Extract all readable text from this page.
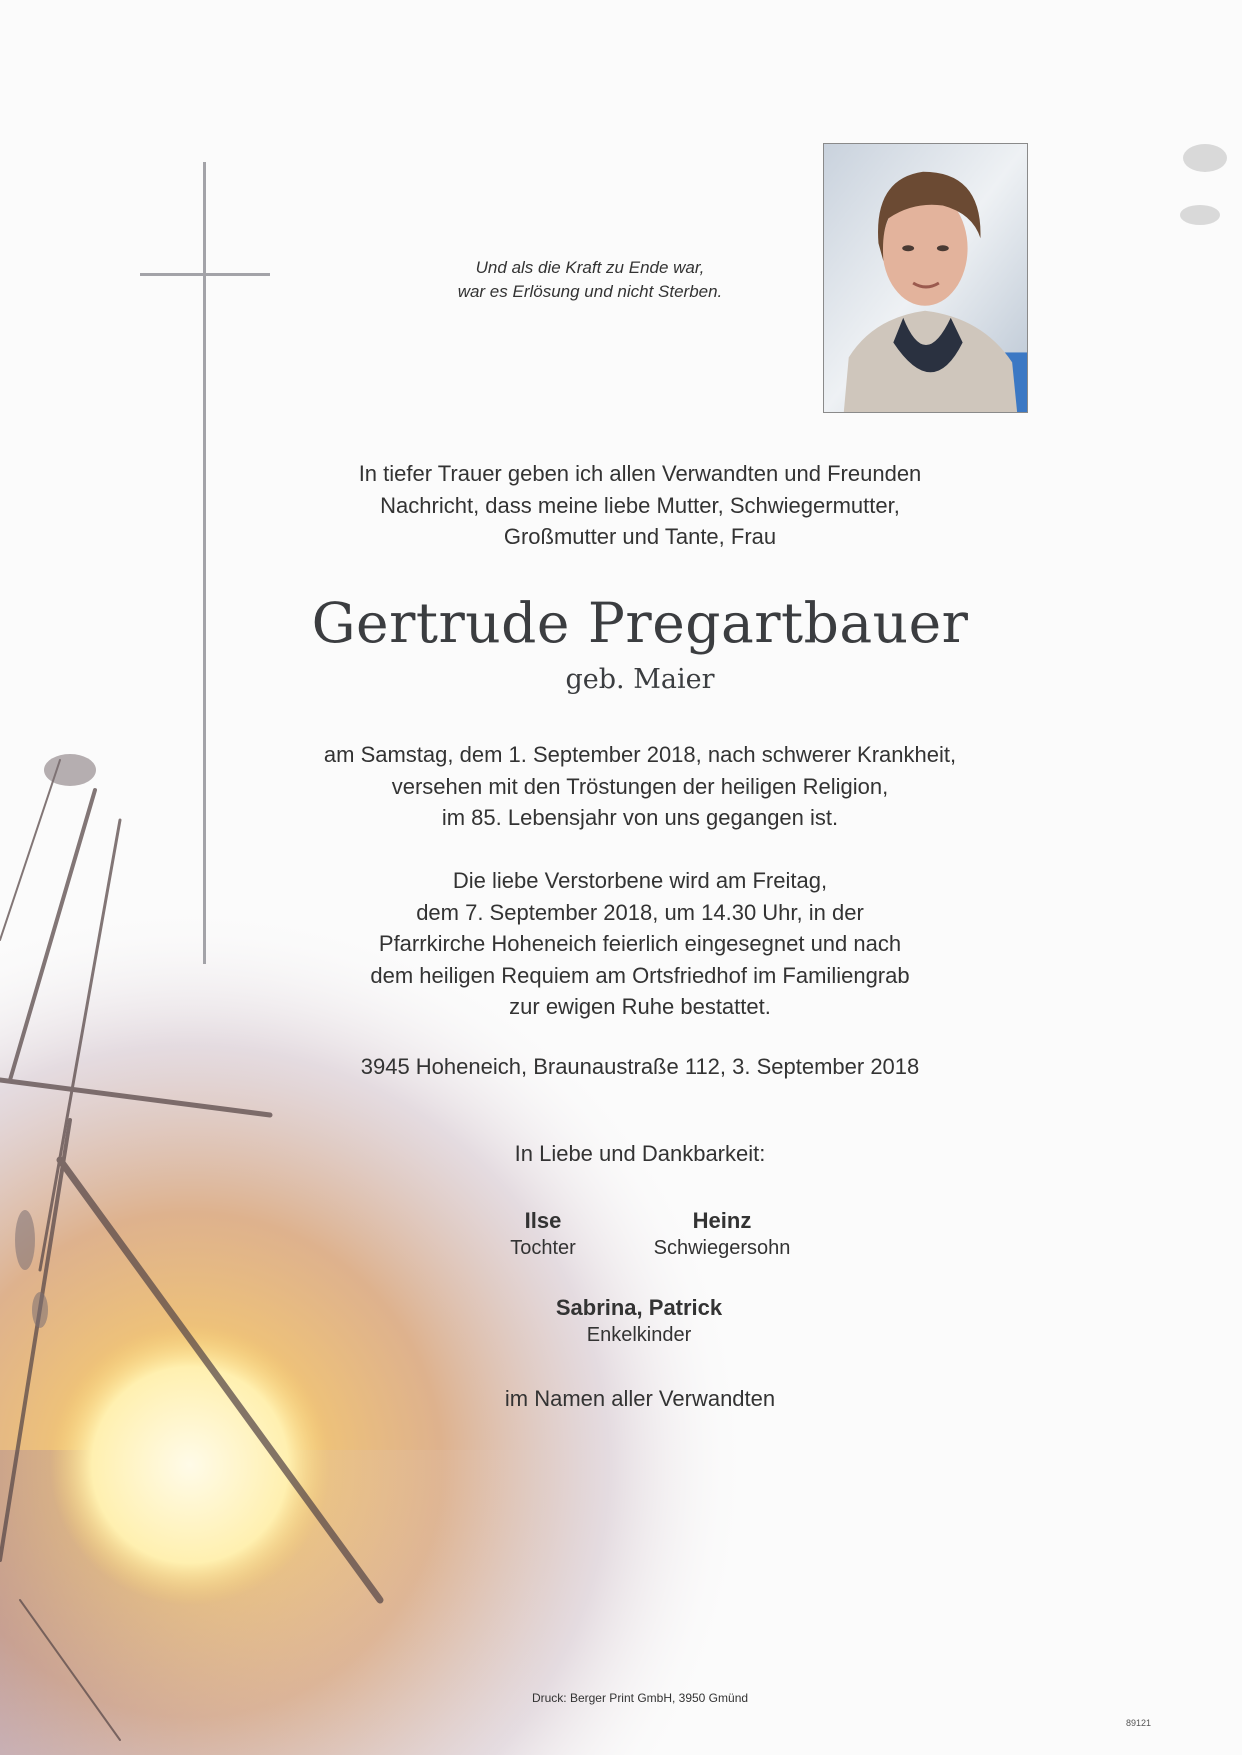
Und als die Kraft zu Ende war,
war es Erlösung und nicht Sterben.
In tiefer Trauer geben ich allen Verwandten und Freunden
Nachricht, dass meine liebe Mutter, Schwiegermutter,
Großmutter und Tante, Frau
Gertrude Pregartbauer
geb. Maier
am Samstag, dem 1. September 2018, nach schwerer Krankheit,
versehen mit den Tröstungen der heiligen Religion,
im 85. Lebensjahr von uns gegangen ist.
Die liebe Verstorbene wird am Freitag,
dem 7. September 2018, um 14.30 Uhr, in der
Pfarrkirche Hoheneich feierlich eingesegnet und nach
dem heiligen Requiem am Ortsfriedhof im Familiengrab
zur ewigen Ruhe bestattet.
3945 Hoheneich, Braunaustraße 112, 3. September 2018
In Liebe und Dankbarkeit:
Ilse
Tochter
Heinz
Schwiegersohn
Sabrina, Patrick
Enkelkinder
im Namen aller Verwandten
Druck: Berger Print GmbH, 3950 Gmünd
89121
